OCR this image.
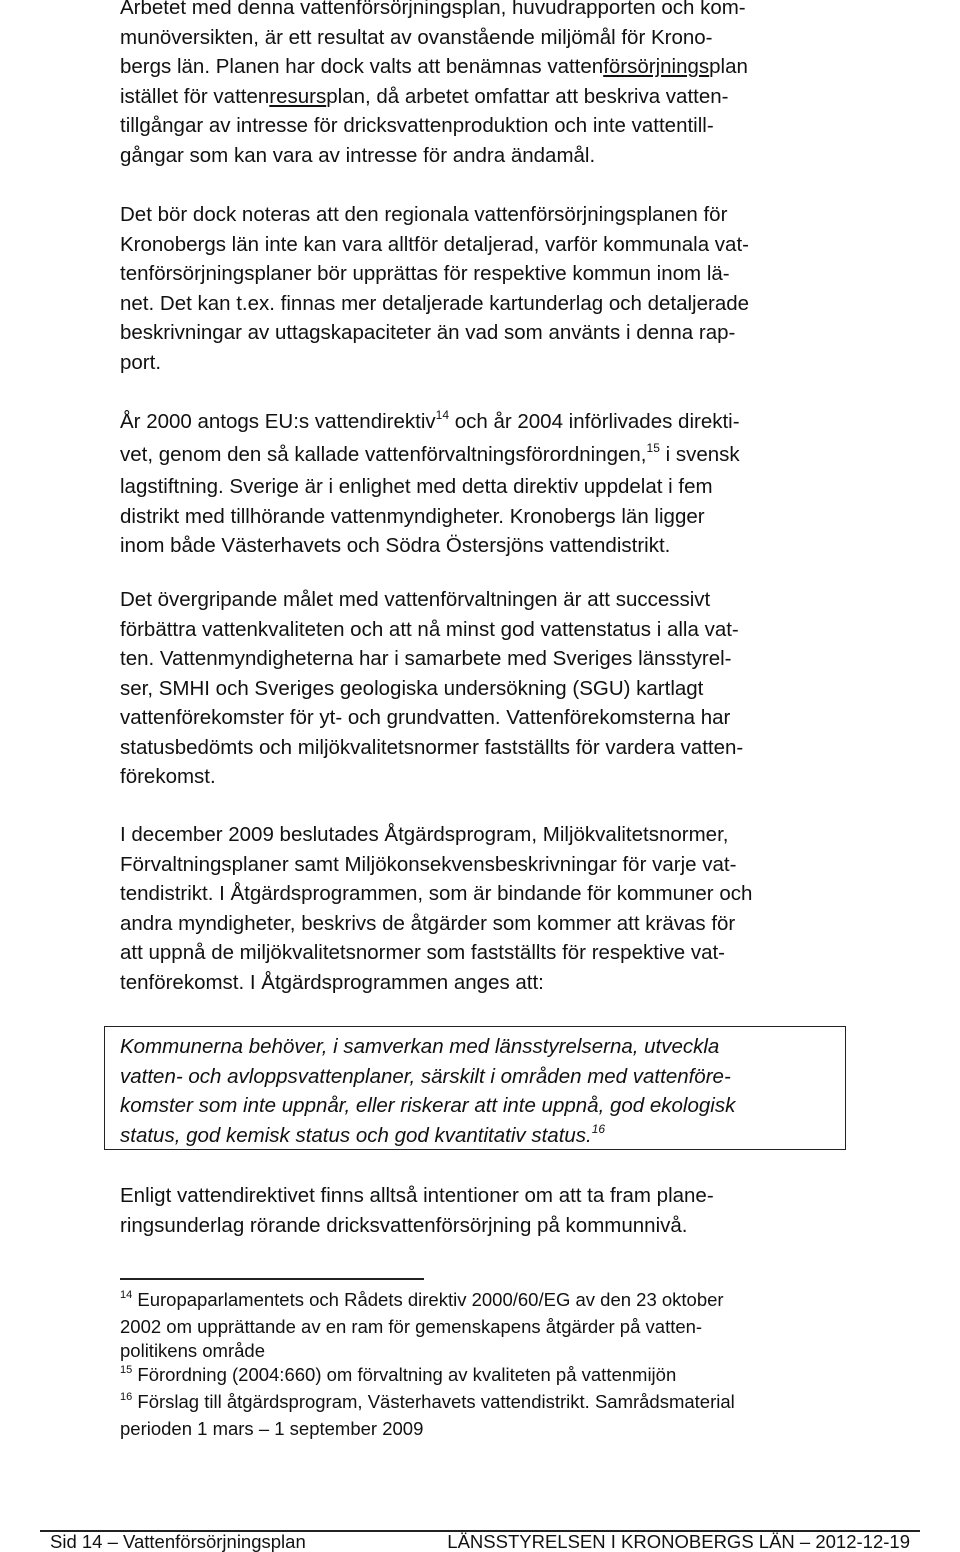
Arbetet med denna vattenförsörjningsplan, huvudrapporten och kom-
munöversikten, är ett resultat av ovanstående miljömål för Krono-
bergs län. Planen har dock valts att benämnas vattenförsörjningsplan
istället för vattenresursplan, då arbetet omfattar att beskriva vatten-
tillgångar av intresse för dricksvattenproduktion och inte vattentill-
gångar som kan vara av intresse för andra ändamål.
Det bör dock noteras att den regionala vattenförsörjningsplanen för
Kronobergs län inte kan vara alltför detaljerad, varför kommunala vat-
tenförsörjningsplaner bör upprättas för respektive kommun inom lä-
net. Det kan t.ex. finnas mer detaljerade kartunderlag och detaljerade
beskrivningar av uttagskapaciteter än vad som använts i denna rap-
port.
År 2000 antogs EU:s vattendirektiv$^{14}$ och år 2004 införlivades direkti-
vet, genom den så kallade vattenförvaltningsförordningen,$^{15}$ i svensk
lagstiftning. Sverige är i enlighet med detta direktiv uppdelat i fem
distrikt med tillhörande vattenmyndigheter. Kronobergs län ligger
inom både Västerhavets och Södra Östersjöns vattendistrikt.
Det övergripande målet med vattenförvaltningen är att successivt
förbättra vattenkvaliteten och att nå minst god vattenstatus i alla vat-
ten. Vattenmyndigheterna har i samarbete med Sveriges länsstyrel-
ser, SMHI och Sveriges geologiska undersökning (SGU) kartlagt
vattenförekomster för yt- och grundvatten. Vattenförekomsterna har
statusbedömts och miljökvalitetsnormer fastställts för vardera vatten-
förekomst.
I december 2009 beslutades Åtgärdsprogram, Miljökvalitetsnormer,
Förvaltningsplaner samt Miljökonsekvensbeskrivningar för varje vat-
tendistrikt. I Åtgärdsprogrammen, som är bindande för kommuner och
andra myndigheter, beskrivs de åtgärder som kommer att krävas för
att uppnå de miljökvalitetsnormer som fastställts för respektive vat-
tenförekomst. I Åtgärdsprogrammen anges att:
Kommunerna behöver, i samverkan med länsstyrelserna, utveckla
vatten- och avloppsvattenplaner, särskilt i områden med vattenföre-
komster som inte uppnår, eller riskerar att inte uppnå, god ekologisk
status, god kemisk status och god kvantitativ status.$^{16}$
Enligt vattendirektivet finns alltså intentioner om att ta fram plane-
ringsunderlag rörande dricksvattenförsörjning på kommunnivå.
$^{14}$ Europaparlamentets och Rådets direktiv 2000/60/EG av den 23 oktober
2002 om upprättande av en ram för gemenskapens åtgärder på vatten-
politikens område
$^{15}$ Förordning (2004:660) om förvaltning av kvaliteten på vattenmijön
$^{16}$ Förslag till åtgärdsprogram, Västerhavets vattendistrikt. Samrådsmaterial
perioden 1 mars – 1 september 2009
Sid 14 – Vattenförsörjningsplan	LÄNSSTYRELSEN I KRONOBERGS LÄN – 2012-12-19
